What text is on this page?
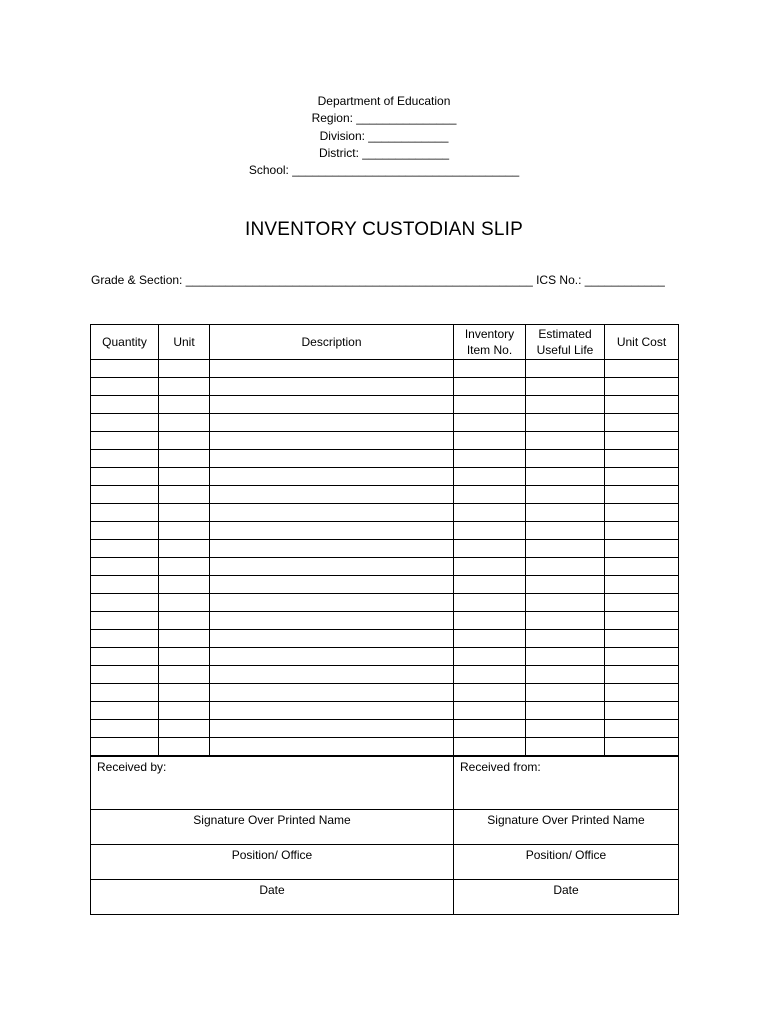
Department of Education
Region: _______________
Division: ____________
District: _____________
School: __________________________________
INVENTORY CUSTODIAN SLIP
Grade & Section: ____________________________________________________ ICS No.: ____________
Quantity	Unit	Description	Inventory Item No.	Estimated Useful Life	Unit Cost

Received by:	Received from:

Signature Over Printed Name	Signature Over Printed Name

Position/ Office	Position/ Office

Date	Date
